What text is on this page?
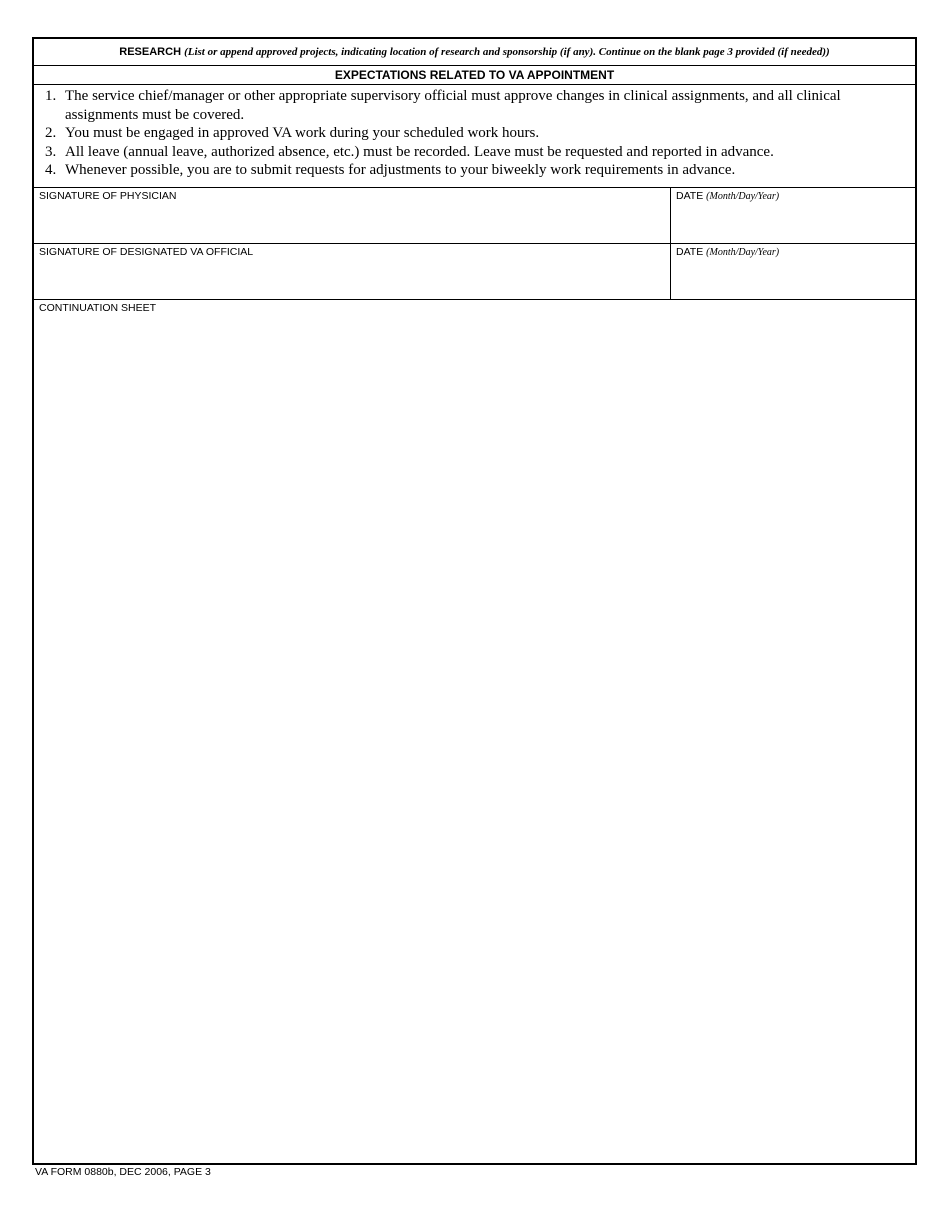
RESEARCH (List or append approved projects, indicating location of research and sponsorship (if any). Continue on the blank page 3 provided (if needed))
EXPECTATIONS RELATED TO VA APPOINTMENT
1. The service chief/manager or other appropriate supervisory official must approve changes in clinical assignments, and all clinical assignments must be covered.
2. You must be engaged in approved VA work during your scheduled work hours.
3. All leave (annual leave, authorized absence, etc.) must be recorded. Leave must be requested and reported in advance.
4. Whenever possible, you are to submit requests for adjustments to your biweekly work requirements in advance.
SIGNATURE OF PHYSICIAN	DATE (Month/Day/Year)
SIGNATURE OF DESIGNATED VA OFFICIAL	DATE (Month/Day/Year)
CONTINUATION SHEET
VA FORM 0880b, DEC 2006, PAGE 3
